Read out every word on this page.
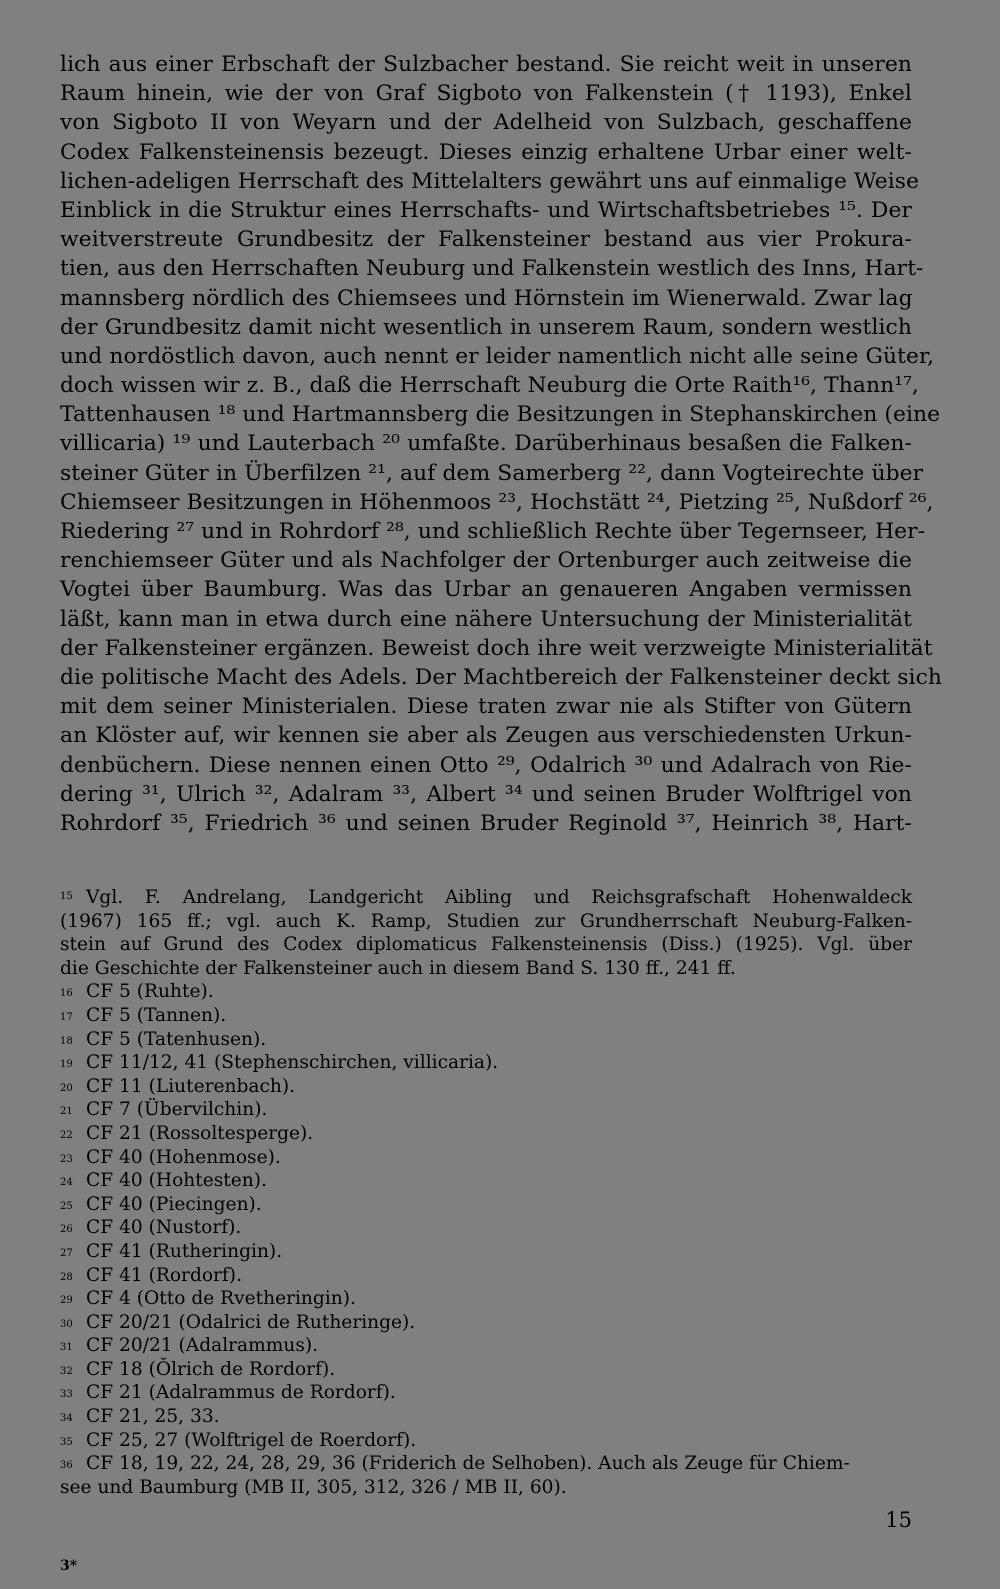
lich aus einer Erbschaft der Sulzbacher bestand. Sie reicht weit in unseren
Raum hinein, wie der von Graf Sigboto von Falkenstein († 1193), Enkel
von Sigboto II von Weyarn und der Adelheid von Sulzbach, geschaffene
Codex Falkensteinensis bezeugt. Dieses einzig erhaltene Urbar einer welt-
lichen-adeligen Herrschaft des Mittelalters gewährt uns auf einmalige Weise
Einblick in die Struktur eines Herrschafts- und Wirtschaftsbetriebes ¹⁵. Der
weitverstreute Grundbesitz der Falkensteiner bestand aus vier Prokura-
tien, aus den Herrschaften Neuburg und Falkenstein westlich des Inns, Hart-
mannsberg nördlich des Chiemsees und Hörnstein im Wienerwald. Zwar lag
der Grundbesitz damit nicht wesentlich in unserem Raum, sondern westlich
und nordöstlich davon, auch nennt er leider namentlich nicht alle seine Güter,
doch wissen wir z. B., daß die Herrschaft Neuburg die Orte Raith¹⁶, Thann¹⁷,
Tattenhausen ¹⁸ und Hartmannsberg die Besitzungen in Stephanskirchen (eine
villicaria) ¹⁹ und Lauterbach ²⁰ umfaßte. Darüberhinaus besaßen die Falken-
steiner Güter in Überfilzen ²¹, auf dem Samerberg ²², dann Vogteirechte über
Chiemseer Besitzungen in Höhenmoos ²³, Hochstätt ²⁴, Pietzing ²⁵, Nußdorf ²⁶,
Riedering ²⁷ und in Rohrdorf ²⁸, und schließlich Rechte über Tegernseer, Her-
renchiemseer Güter und als Nachfolger der Ortenburger auch zeitweise die
Vogtei über Baumburg. Was das Urbar an genaueren Angaben vermissen
läßt, kann man in etwa durch eine nähere Untersuchung der Ministerialität
der Falkensteiner ergänzen. Beweist doch ihre weit verzweigte Ministerialität
die politische Macht des Adels. Der Machtbereich der Falkensteiner deckt sich
mit dem seiner Ministerialen. Diese traten zwar nie als Stifter von Gütern
an Klöster auf, wir kennen sie aber als Zeugen aus verschiedensten Urkun-
denbüchern. Diese nennen einen Otto ²⁹, Odalrich ³⁰ und Adalrach von Rie-
dering ³¹, Ulrich ³², Adalram ³³, Albert ³⁴ und seinen Bruder Wolftrigel von
Rohrdorf ³⁵, Friedrich ³⁶ und seinen Bruder Reginold ³⁷, Heinrich ³⁸, Hart-
15 Vgl. F. Andrelang, Landgericht Aibling und Reichsgrafschaft Hohenwaldeck
(1967) 165 ff.; vgl. auch K. Ramp, Studien zur Grundherrschaft Neuburg-Falken-
stein auf Grund des Codex diplomaticus Falkensteinensis (Diss.) (1925). Vgl. über
die Geschichte der Falkensteiner auch in diesem Band S. 130 ff., 241 ff.
16 CF 5 (Ruhte).
17 CF 5 (Tannen).
18 CF 5 (Tatenhusen).
19 CF 11/12, 41 (Stephenschirchen, villicaria).
20 CF 11 (Liuterenbach).
21 CF 7 (Übervilchin).
22 CF 21 (Rossoltesperge).
23 CF 40 (Hohenmose).
24 CF 40 (Hohtesten).
25 CF 40 (Piecingen).
26 CF 40 (Nustorf).
27 CF 41 (Rutheringin).
28 CF 41 (Rordorf).
29 CF 4 (Otto de Rvetheringin).
30 CF 20/21 (Odalrici de Rutheringe).
31 CF 20/21 (Adalrammus).
32 CF 18 (Ŏlrich de Rordorf).
33 CF 21 (Adalrammus de Rordorf).
34 CF 21, 25, 33.
35 CF 25, 27 (Wolftrigel de Roerdorf).
36 CF 18, 19, 22, 24, 28, 29, 36 (Friderich de Selhoben). Auch als Zeuge für Chiem-
see und Baumburg (MB II, 305, 312, 326 / MB II, 60).
15
3*
